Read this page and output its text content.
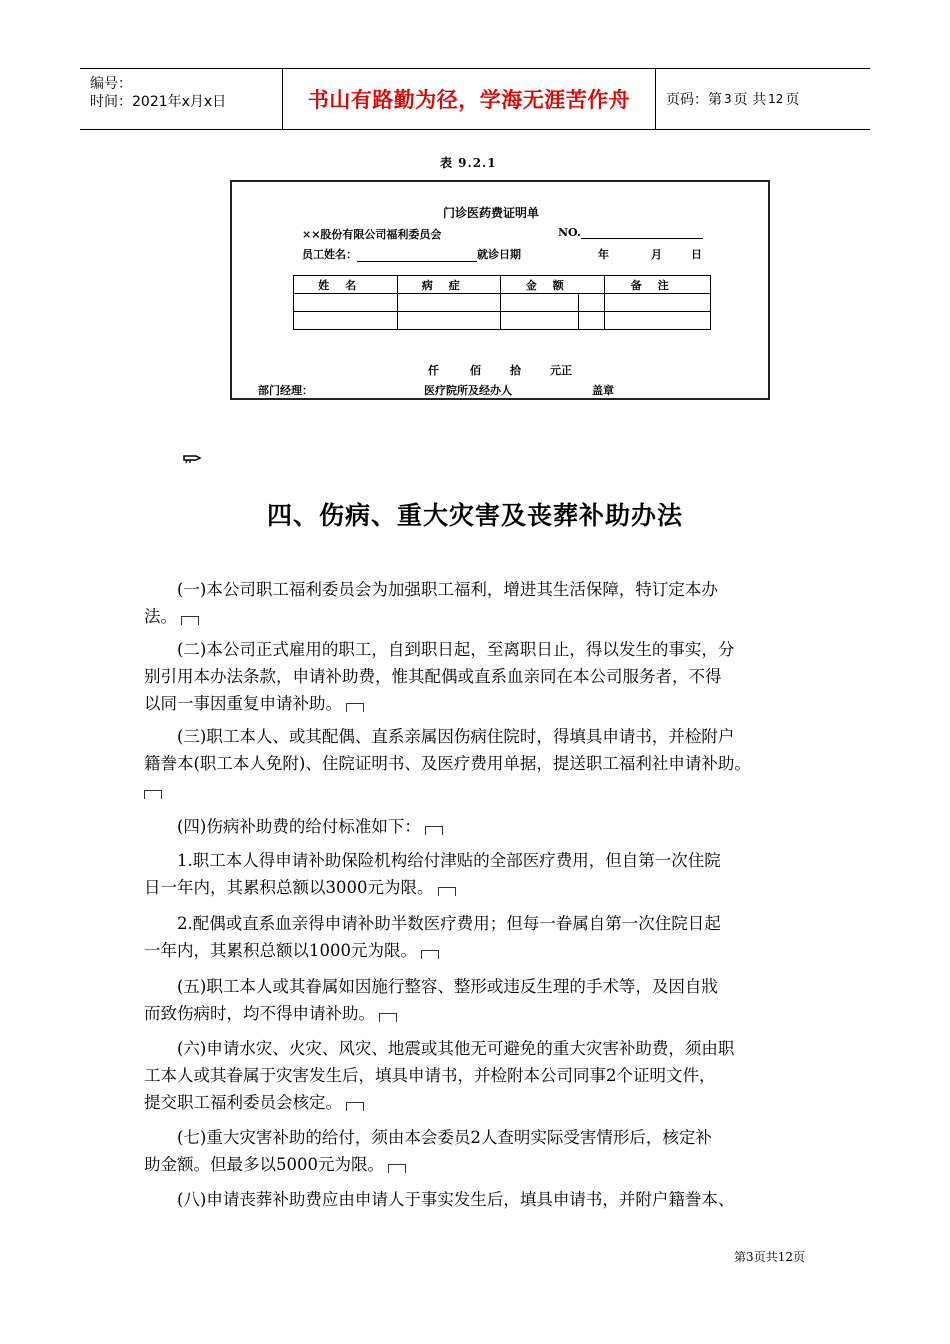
编号：
时间：2021年x月x日	书山有路勤为径，学海无涯苦作舟	页码：第 3 页 共 12 页
表 9.2.1
门诊医药费证明单
××股份有限公司福利委员会	NO.
员工姓名：	就诊日期	年	月	日
姓名	病症	金额		备注

仟	佰	拾	元正
部门经理：	医疗院所及经办人	盖章
四、伤病、重大灾害及丧葬补助办法
(一)本公司职工福利委员会为加强职工福利，增进其生活保障，特订定本办
法。
(二)本公司正式雇用的职工，自到职日起，至离职日止，得以发生的事实，分
别引用本办法条款，申请补助费，惟其配偶或直系血亲同在本公司服务者，不得
以同一事因重复申请补助。
(三)职工本人、或其配偶、直系亲属因伤病住院时，得填具申请书，并检附户
籍誊本(职工本人免附)、住院证明书、及医疗费用单据，提送职工福利社申请补助。
(四)伤病补助费的给付标准如下：
1.职工本人得申请补助保险机构给付津贴的全部医疗费用，但自第一次住院
日一年内，其累积总额以3000元为限。
2.配偶或直系血亲得申请补助半数医疗费用；但每一眷属自第一次住院日起
一年内，其累积总额以1000元为限。
(五)职工本人或其眷属如因施行整容、整形或违反生理的手术等，及因自戕
而致伤病时，均不得申请补助。
(六)申请水灾、火灾、风灾、地震或其他无可避免的重大灾害补助费，须由职
工本人或其眷属于灾害发生后，填具申请书，并检附本公司同事2个证明文件，
提交职工福利委员会核定。
(七)重大灾害补助的给付，须由本会委员2人查明实际受害情形后，核定补
助金额。但最多以5000元为限。
(八)申请丧葬补助费应由申请人于事实发生后，填具申请书，并附户籍誊本、
第3页共12页
